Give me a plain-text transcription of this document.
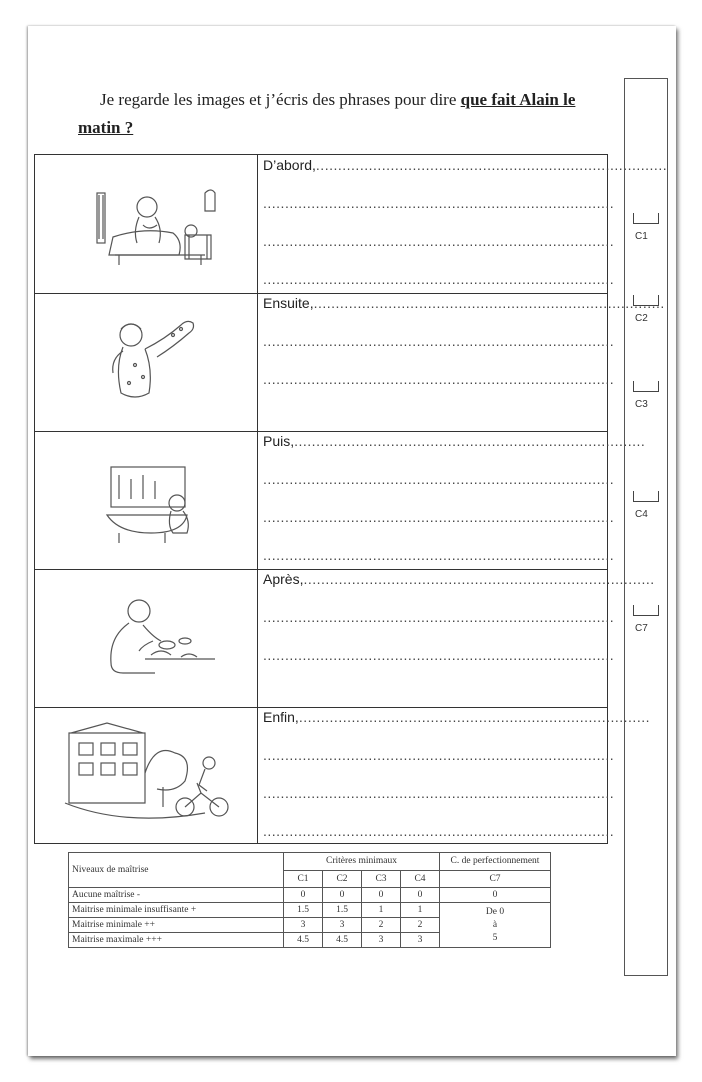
Je regarde les images et j’écris des phrases pour dire que fait Alain le matin ?
D’abord,................................................................................
................................................................................
................................................................................
................................................................................
Ensuite,................................................................................
................................................................................
................................................................................
Puis,................................................................................
................................................................................
................................................................................
................................................................................
Après,................................................................................
................................................................................
................................................................................
Enfin,................................................................................
................................................................................
................................................................................
................................................................................
C1
C2
C3
C4
C7
Niveaux de maîtrise	Critères minimaux				C. de perfectionnement
	C1	C2	C3	C4	C7
Aucune maîtrise -	0	0	0	0	0
Maitrise minimale insuffisante +	1.5	1.5	1	1	De 0
à
5

Maitrise minimale ++	3	3	2	2	
Maitrise maximale +++	4.5	4.5	3	3	
